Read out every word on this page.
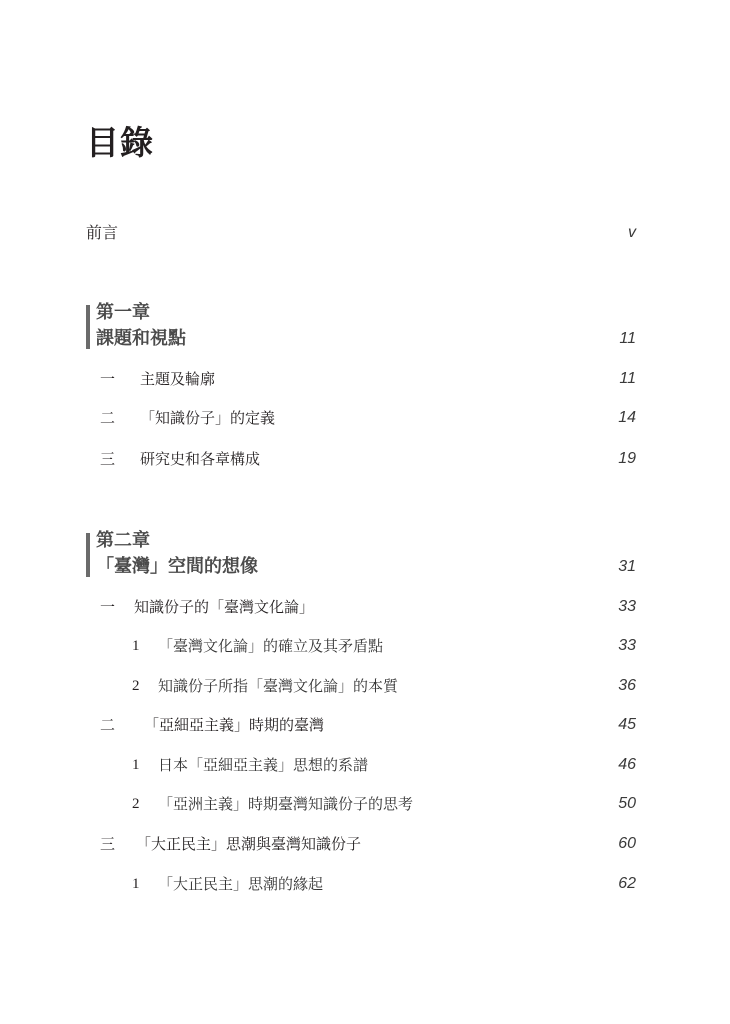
目錄
前言	v
第一章
課題和視點	11
一 主題及輪廓	11
二 「知識份子」的定義	14
三 研究史和各章構成	19
第二章
「臺灣」空間的想像	31
一 知識份子的「臺灣文化論」	33
1 「臺灣文化論」的確立及其矛盾點	33
2 知識份子所指「臺灣文化論」的本質	36
二 「亞細亞主義」時期的臺灣	45
1 日本「亞細亞主義」思想的系譜	46
2 「亞洲主義」時期臺灣知識份子的思考	50
三 「大正民主」思潮與臺灣知識份子	60
1 「大正民主」思潮的緣起	62
